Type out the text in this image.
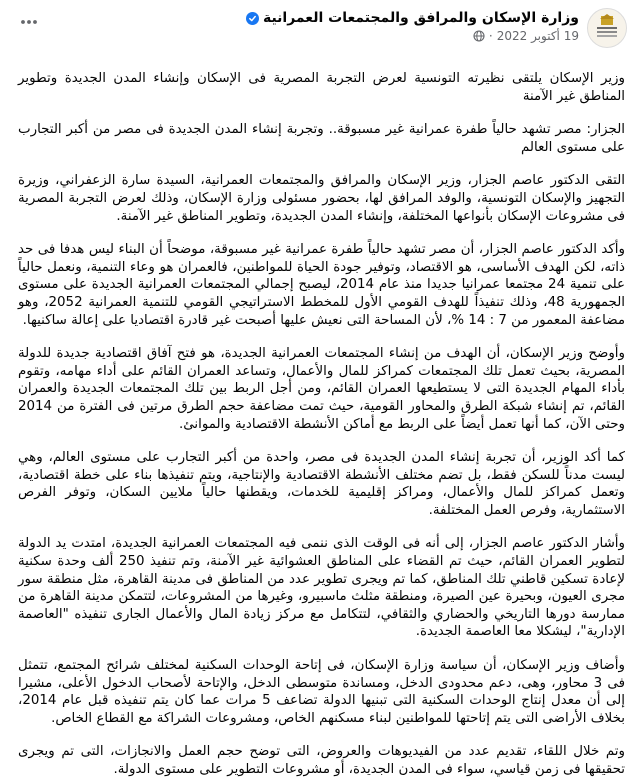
وزارة الإسكان والمرافق والمجتمعات العمرانية
19 أكتوبر 2022
·

وزير الإسكان يلتقى نظيرته التونسية لعرض التجربة المصرية فى الإسكان وإنشاء المدن الجديدة وتطوير المناطق غير الآمنة

الجزار: مصر تشهد حالياً طفرة عمرانية غير مسبوقة.. وتجربة إنشاء المدن الجديدة فى مصر من أكبر التجارب على مستوى العالم

التقى الدكتور عاصم الجزار، وزير الإسكان والمرافق والمجتمعات العمرانية، السيدة سارة الزعفراني، وزيرة التجهيز والإسكان التونسية، والوفد المرافق لها، بحضور مسئولى وزارة الإسكان، وذلك لعرض التجربة المصرية فى مشروعات الإسكان بأنواعها المختلفة، وإنشاء المدن الجديدة، وتطوير المناطق غير الآمنة.

وأكد الدكتور عاصم الجزار، أن مصر تشهد حالياً طفرة عمرانية غير مسبوقة، موضحاً أن البناء ليس هدفا فى حد ذاته، لكن الهدف الأساسى، هو الاقتصاد، وتوفير جودة الحياة للمواطنين، فالعمران هو وعاء التنمية، ونعمل حالياً على تنمية 24 مجتمعا عمرانيا جديدا منذ عام 2014، ليصبح إجمالي المجتمعات العمرانية الجديدة على مستوى الجمهورية 48، وذلك تنفيذاً للهدف القومي الأول للمخطط الاستراتيجي القومي للتنمية العمرانية 2052، وهو مضاعفة المعمور من 7 : 14 %، لأن المساحة التى نعيش عليها أصبحت غير قادرة اقتصاديا على إعالة ساكنيها.

وأوضح وزير الإسكان، أن الهدف من إنشاء المجتمعات العمرانية الجديدة، هو فتح آفاق اقتصادية جديدة للدولة المصرية، بحيث تعمل تلك المجتمعات كمراكز للمال والأعمال، وتساعد العمران القائم على أداء مهامه، وتقوم بأداء المهام الجديدة التى لا يستطيعها العمران القائم، ومن أجل الربط بين تلك المجتمعات الجديدة والعمران القائم، تم إنشاء شبكة الطرق والمحاور القومية، حيث تمت مضاعفة حجم الطرق مرتين فى الفترة من 2014 وحتى الآن، كما أنها تعمل أيضاً على الربط مع أماكن الأنشطة الاقتصادية والموانئ.

كما أكد الوزير، أن تجربة إنشاء المدن الجديدة فى مصر، واحدة من أكبر التجارب على مستوى العالم، وهي ليست مدناً للسكن فقط، بل تضم مختلف الأنشطة الاقتصادية والإنتاجية، ويتم تنفيذها بناء على خطة اقتصادية، وتعمل كمراكز للمال والأعمال، ومراكز إقليمية للخدمات، ويقطنها حالياً ملايين السكان، وتوفر الفرص الاستثمارية، وفرص العمل المختلفة.

وأشار الدكتور عاصم الجزار، إلى أنه فى الوقت الذى ننمى فيه المجتمعات العمرانية الجديدة، امتدت يد الدولة لتطوير العمران القائم، حيث تم القضاء على المناطق العشوائية غير الآمنة، وتم تنفيذ 250 ألف وحدة سكنية لإعادة تسكين قاطني تلك المناطق، كما تم ويجرى تطوير عدد من المناطق فى مدينة القاهرة، مثل منطقة سور مجرى العيون، وبحيرة عين الصيرة، ومنطقة مثلث ماسبيرو، وغيرها من المشروعات، لتتمكن مدينة القاهرة من ممارسة دورها التاريخي والحضاري والثقافي، لتتكامل مع مركز زيادة المال والأعمال الجارى تنفيذه "العاصمة الإدارية"، ليشكلا معا العاصمة الجديدة.

وأضاف وزير الإسكان، أن سياسة وزارة الإسكان، فى إتاحة الوحدات السكنية لمختلف شرائح المجتمع، تتمثل فى 3 محاور، وهى، دعم محدودى الدخل، ومساندة متوسطى الدخل، والإتاحة لأصحاب الدخول الأعلى، مشيرا إلى أن معدل إنتاج الوحدات السكنية التى تبنيها الدولة تضاعف 5 مرات عما كان يتم تنفيذه قبل عام 2014، بخلاف الأراضى التى يتم إتاحتها للمواطنين لبناء مسكنهم الخاص، ومشروعات الشراكة مع القطاع الخاص.

وتم خلال اللقاء، تقديم عدد من الفيديوهات والعروض، التى توضح حجم العمل والانجازات، التى تم ويجرى تحقيقها فى زمن قياسي، سواء فى المدن الجديدة، أو مشروعات التطوير على مستوى الدولة.
